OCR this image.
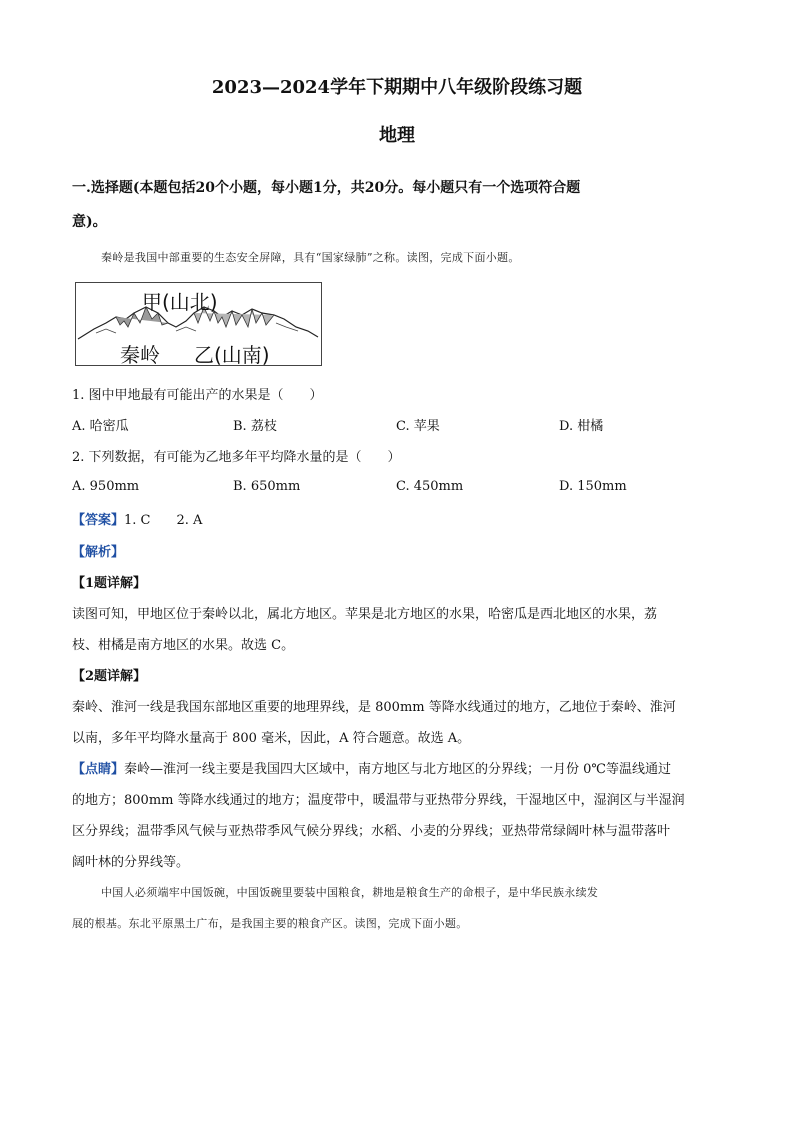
2023—2024学年下期期中八年级阶段练习题
地理
一.选择题(本题包括20个小题，每小题1分，共20分。每小题只有一个选项符合题
意)。
秦岭是我国中部重要的生态安全屏障，具有“国家绿肺”之称。读图，完成下面小题。
甲(山北)
秦岭 乙(山南)
1. 图中甲地最有可能出产的水果是（　　）
A. 哈密瓜	B. 荔枝	C. 苹果	D. 柑橘
2. 下列数据，有可能为乙地多年平均降水量的是（　　）
A. 950mm	B. 650mm	C. 450mm	D. 150mm
【答案】1. C　　2. A
【解析】
【1题详解】
读图可知，甲地区位于秦岭以北，属北方地区。苹果是北方地区的水果，哈密瓜是西北地区的水果，荔
枝、柑橘是南方地区的水果。故选 C。
【2题详解】
秦岭、淮河一线是我国东部地区重要的地理界线，是 800mm 等降水线通过的地方，乙地位于秦岭、淮河
以南，多年平均降水量高于 800 毫米，因此，A 符合题意。故选 A。
【点睛】秦岭—淮河一线主要是我国四大区域中，南方地区与北方地区的分界线；一月份 0℃等温线通过
的地方；800mm 等降水线通过的地方；温度带中，暖温带与亚热带分界线，干湿地区中，湿润区与半湿润
区分界线；温带季风气候与亚热带季风气候分界线；水稻、小麦的分界线；亚热带常绿阔叶林与温带落叶
阔叶林的分界线等。
中国人必须端牢中国饭碗，中国饭碗里要装中国粮食，耕地是粮食生产的命根子，是中华民族永续发
展的根基。东北平原黑土广布，是我国主要的粮食产区。读图，完成下面小题。
